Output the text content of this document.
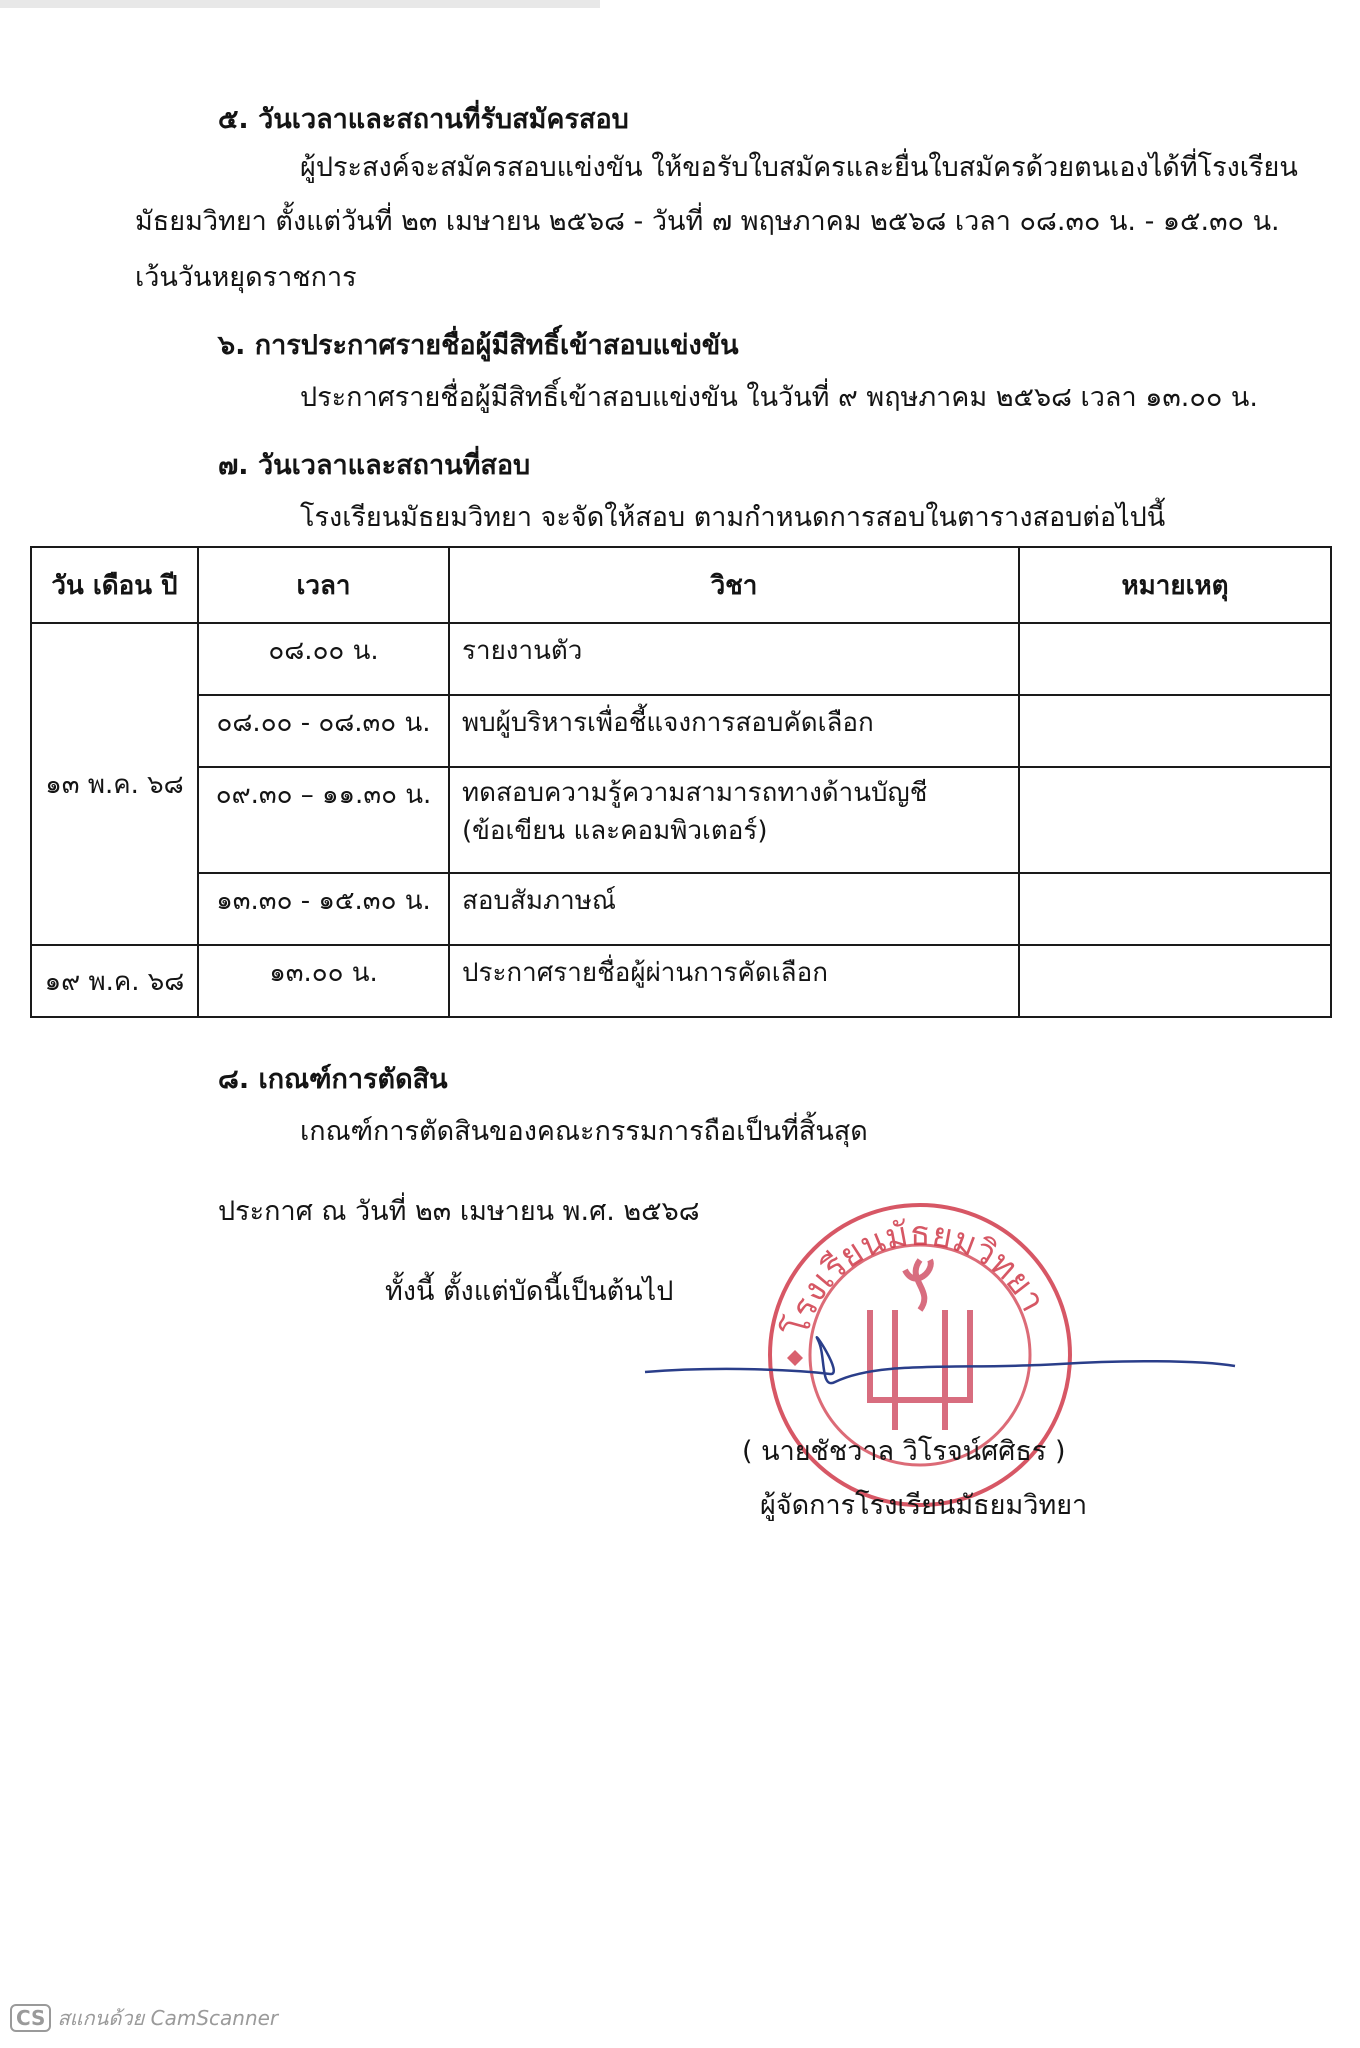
๕. วันเวลาและสถานที่รับสมัครสอบ
ผู้ประสงค์จะสมัครสอบแข่งขัน ให้ขอรับใบสมัครและยื่นใบสมัครด้วยตนเองได้ที่โรงเรียน
มัธยมวิทยา ตั้งแต่วันที่ ๒๓ เมษายน ๒๕๖๘ - วันที่ ๗ พฤษภาคม ๒๕๖๘ เวลา ๐๘.๓๐ น. - ๑๕.๓๐ น.
เว้นวันหยุดราชการ
๖. การประกาศรายชื่อผู้มีสิทธิ์เข้าสอบแข่งขัน
ประกาศรายชื่อผู้มีสิทธิ์เข้าสอบแข่งขัน ในวันที่ ๙ พฤษภาคม ๒๕๖๘ เวลา ๑๓.๐๐ น.
๗. วันเวลาและสถานที่สอบ
โรงเรียนมัธยมวิทยา จะจัดให้สอบ ตามกำหนดการสอบในตารางสอบต่อไปนี้
วัน เดือน ปี	เวลา	วิชา	หมายเหตุ
๑๓ พ.ค. ๖๘	๐๘.๐๐ น.	รายงานตัว	
	๐๘.๐๐ - ๐๘.๓๐ น.	พบผู้บริหารเพื่อชี้แจงการสอบคัดเลือก	
	๐๙.๓๐ – ๑๑.๓๐ น.	ทดสอบความรู้ความสามารถทางด้านบัญชี
(ข้อเขียน และคอมพิวเตอร์)	

	๑๓.๓๐ - ๑๕.๓๐ น.	สอบสัมภาษณ์	
๑๙ พ.ค. ๖๘	๑๓.๐๐ น.	ประกาศรายชื่อผู้ผ่านการคัดเลือก	
๘. เกณฑ์การตัดสิน
เกณฑ์การตัดสินของคณะกรรมการถือเป็นที่สิ้นสุด
ประกาศ ณ วันที่ ๒๓ เมษายน พ.ศ. ๒๕๖๘
ทั้งนี้ ตั้งแต่บัดนี้เป็นต้นไป
โรงเรียนมัธยมวิทยา
( นายชัชวาล วิโรจน์ศศิธร )
ผู้จัดการโรงเรียนมัธยมวิทยา
CS สแกนด้วย CamScanner
